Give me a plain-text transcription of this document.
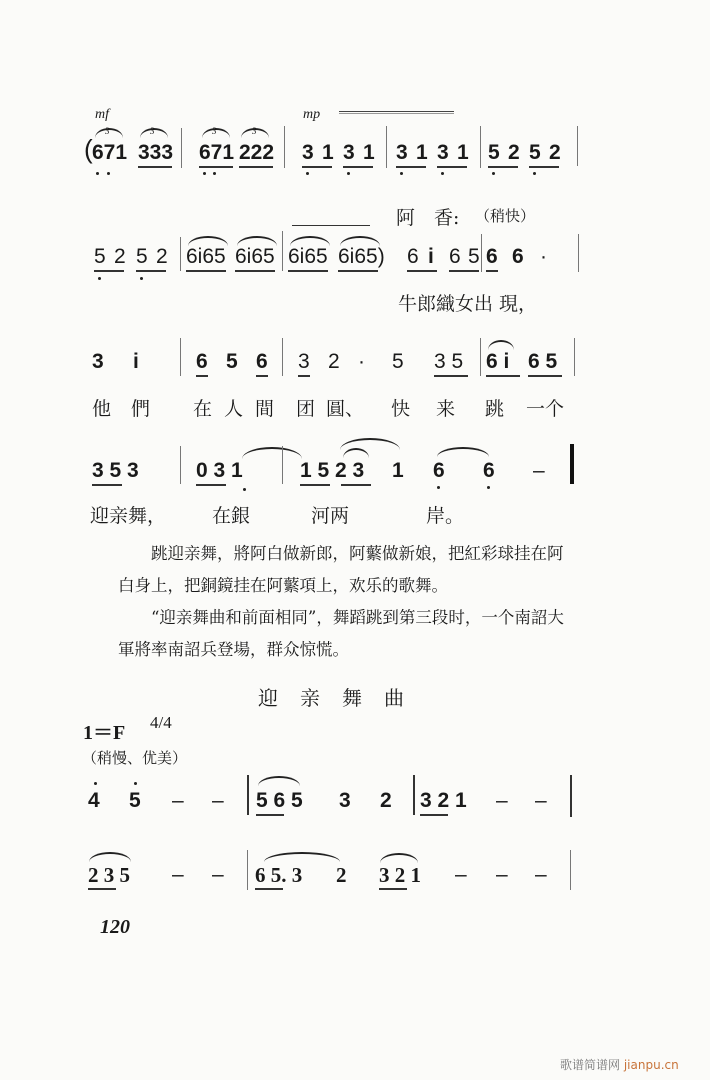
mf	mp
(
3
671
3
333
3
671
3
222 3 1 3 1 3 1 3 1 5 2 5 2
阿　香: （稍快）
5 2 5 2 6i65 6i65 6i65 6i65) 6 i 6 5 6 6 ·
牛郎織女出 現，
3 i	6 5 6 3 2 · 5 3 5 6 i 6 5
他 們 在 人 間 团 圓、 快 来 跳 一个
3 5 3	0 3 1	1 5 2 3 1 6 6 –
迎亲舞， 在銀	河两	岸。

跳迎亲舞，將阿白做新郎，阿蘩做新娘，把紅彩球挂在阿白身上，把銅鏡挂在阿蘩項上，欢乐的歌舞。

“迎亲舞曲和前面相同”，舞蹈跳到第三段时，一个南詔大軍將率南詔兵登場，群众惊慌。

迎亲舞曲
1＝F 4/4
（稍慢、优美）
4 5 – – 5 6 5 3 2 3 2 1 – –
2 3 5 – – 6 5. 3 2 3 2 1 – – –
120
歌谱简谱网 jianpu.cn
